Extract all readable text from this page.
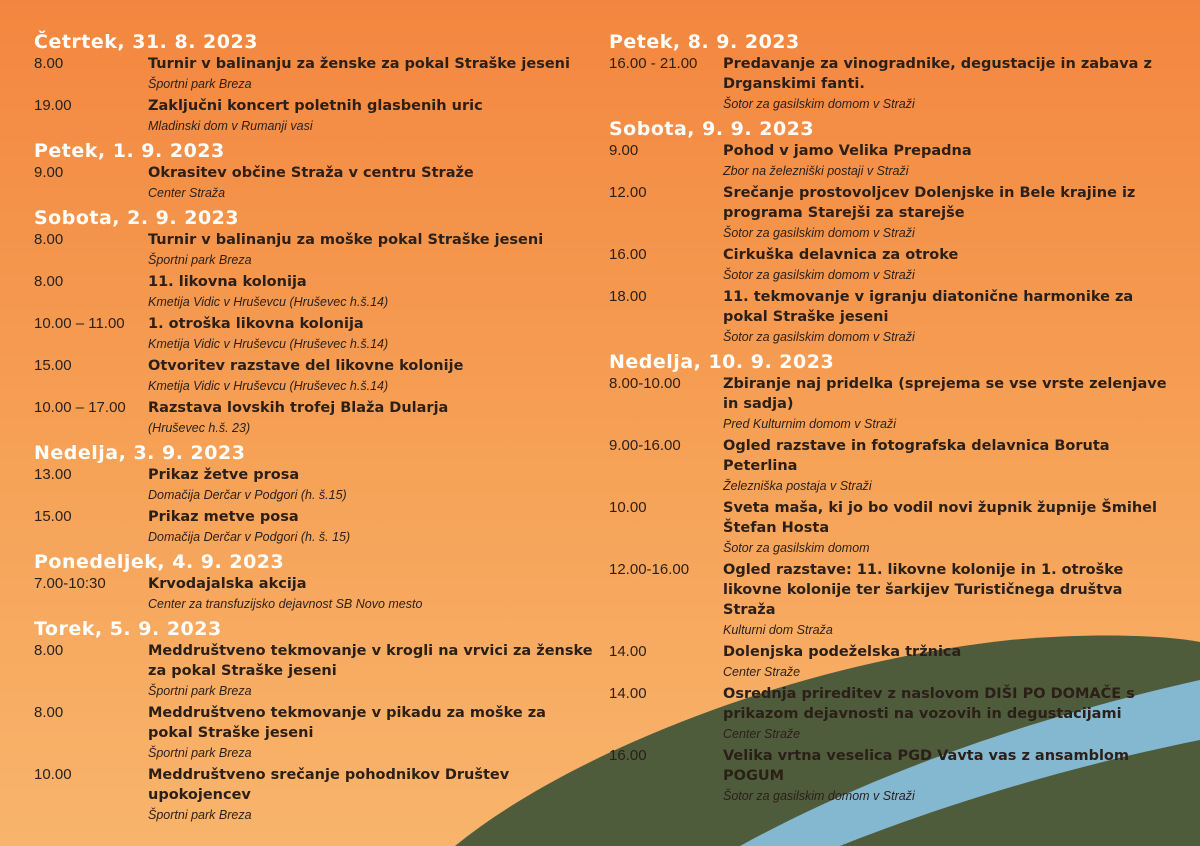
Četrtek, 31. 8. 2023
8.00	Turnir v balinanju za ženske za pokal Straške jeseni
Športni park Breza
19.00	Zaključni koncert poletnih glasbenih uric
Mladinski dom v Rumanji vasi
Petek, 1. 9. 2023
9.00	Okrasitev občine Straža v centru Straže
Center Straža
Sobota, 2. 9. 2023
8.00	Turnir v balinanju za moške pokal Straške jeseni
Športni park Breza
8.00	11. likovna kolonija
Kmetija Vidic v Hruševcu (Hruševec h.š.14)
10.00 – 11.00	1. otroška likovna kolonija
Kmetija Vidic v Hruševcu (Hruševec h.š.14)
15.00	Otvoritev razstave del likovne kolonije
Kmetija Vidic v Hruševcu (Hruševec h.š.14)
10.00 – 17.00	Razstava lovskih trofej Blaža Dularja
(Hruševec h.š. 23)
Nedelja, 3. 9. 2023
13.00	Prikaz žetve prosa
Domačija Derčar v Podgori (h. š.15)
15.00	Prikaz metve posa
Domačija Derčar v Podgori (h. š. 15)
Ponedeljek, 4. 9. 2023
7.00-10:30	Krvodajalska akcija
Center za transfuzijsko dejavnost SB Novo mesto
Torek, 5. 9. 2023
8.00	Meddruštveno tekmovanje v krogli na vrvici za ženske za pokal Straške jeseni
Športni park Breza
8.00	Meddruštveno tekmovanje v pikadu za moške za pokal Straške jeseni
Športni park Breza
10.00	Meddruštveno srečanje pohodnikov Društev upokojencev
Športni park Breza
Petek, 8. 9. 2023
16.00 - 21.00	Predavanje za vinogradnike, degustacije in zabava z Drganskimi fanti.
Šotor za gasilskim domom v Straži
Sobota, 9. 9. 2023
9.00	Pohod v jamo Velika Prepadna
Zbor na železniški postaji v Straži
12.00	Srečanje prostovoljcev Dolenjske in Bele krajine iz programa Starejši za starejše
Šotor za gasilskim domom v Straži
16.00	Cirkuška delavnica za otroke
Šotor za gasilskim domom v Straži
18.00	11. tekmovanje v igranju diatonične harmonike za pokal Straške jeseni
Šotor za gasilskim domom v Straži
Nedelja, 10. 9. 2023
8.00-10.00	Zbiranje naj pridelka (sprejema se vse vrste zelenjave in sadja)
Pred Kulturnim domom v Straži
9.00-16.00	Ogled razstave in fotografska delavnica Boruta Peterlina
Železniška postaja v Straži
10.00	Sveta maša, ki jo bo vodil novi župnik župnije Šmihel Štefan Hosta
Šotor za gasilskim domom
12.00-16.00	Ogled razstave: 11. likovne kolonije in 1. otroške likovne kolonije ter šarkijev Turističnega društva Straža
Kulturni dom Straža
14.00	Dolenjska podeželska tržnica
Center Straže
14.00	Osrednja prireditev z naslovom DIŠI PO DOMAČE s prikazom dejavnosti na vozovih in degustacijami
Center Straže
16.00	Velika vrtna veselica PGD Vavta vas z ansamblom POGUM
Šotor za gasilskim domom v Straži
